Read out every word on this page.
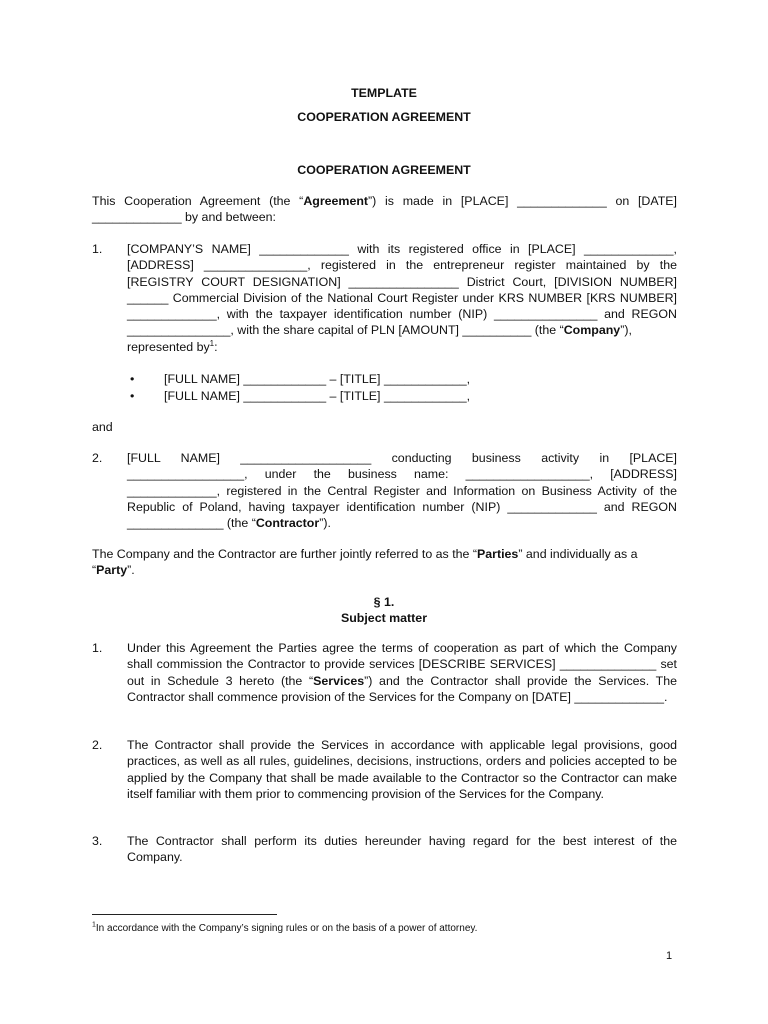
TEMPLATE
COOPERATION AGREEMENT
COOPERATION AGREEMENT
This Cooperation Agreement (the “Agreement”) is made in [PLACE] _____________ on [DATE] _____________ by and between:
1.	[COMPANY’S NAME] _____________ with its registered office in [PLACE] _____________, [ADDRESS] _______________, registered in the entrepreneur register maintained by the [REGISTRY COURT DESIGNATION] ________________ District Court, [DIVISION NUMBER] ______ Commercial Division of the National Court Register under KRS NUMBER [KRS NUMBER] _____________, with the taxpayer identification number (NIP) _______________ and REGON _______________, with the share capital of PLN [AMOUNT] __________ (the “Company”),
represented $by^1$:
• [FULL NAME] ____________ – [TITLE] ____________,
• [FULL NAME] ____________ – [TITLE] ____________,
and
2.	[FULL NAME] ___________________ conducting business activity in [PLACE] _________________, under the business name: __________________, [ADDRESS] _____________, registered in the Central Register and Information on Business Activity of the Republic of Poland, having taxpayer identification number (NIP) _____________ and REGON ______________ (the “Contractor”).
The Company and the Contractor are further jointly referred to as the “Parties” and individually as a “Party”.
§ 1.
Subject matter
1.	Under this Agreement the Parties agree the terms of cooperation as part of which the Company shall commission the Contractor to provide services [DESCRIBE SERVICES] ______________ set out in Schedule 3 hereto (the “Services”) and the Contractor shall provide the Services. The Contractor shall commence provision of the Services for the Company on [DATE] _____________.
2.	The Contractor shall provide the Services in accordance with applicable legal provisions, good practices, as well as all rules, guidelines, decisions, instructions, orders and policies accepted to be applied by the Company that shall be made available to the Contractor so the Contractor can make itself familiar with them prior to commencing provision of the Services for the Company.
3.	The Contractor shall perform its duties hereunder having regard for the best interest of the Company.
$^1$In accordance with the Company’s signing rules or on the basis of a power of attorney.
1
